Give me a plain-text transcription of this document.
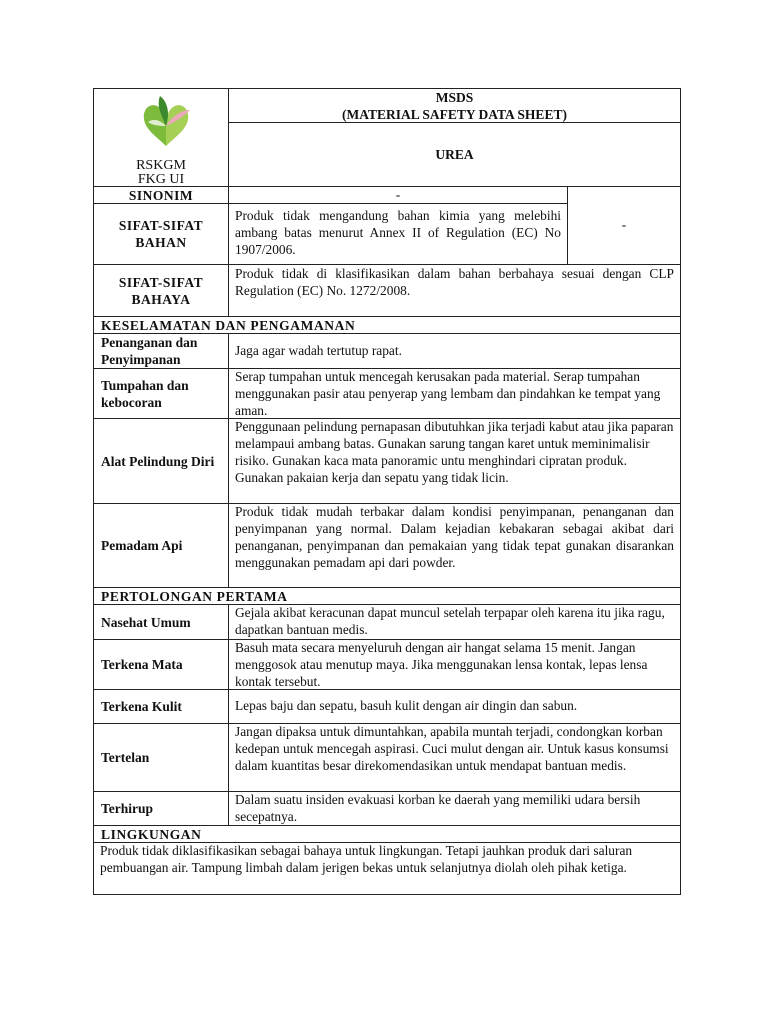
RSKGM
FKG UI
MSDS
(MATERIAL SAFETY DATA SHEET)
UREA
SINONIM	-
SIFAT-SIFAT
BAHAN
Produk tidak mengandung bahan kimia yang melebihi ambang batas menurut Annex II of Regulation (EC) No 1907/2006.
-
SIFAT-SIFAT
BAHAYA
Produk tidak di klasifikasikan dalam bahan berbahaya sesuai dengan CLP Regulation (EC) No. 1272/2008.
KESELAMATAN DAN PENGAMANAN
Penanganan dan Penyimpanan
Jaga agar wadah tertutup rapat.
Tumpahan dan kebocoran
Serap tumpahan untuk mencegah kerusakan pada material. Serap tumpahan menggunakan pasir atau penyerap yang lembam dan pindahkan ke tempat yang aman.
Alat Pelindung Diri
Penggunaan pelindung pernapasan dibutuhkan jika terjadi kabut atau jika paparan melampaui ambang batas. Gunakan sarung tangan karet untuk meminimalisir risiko. Gunakan kaca mata panoramic untu menghindari cipratan produk. Gunakan pakaian kerja dan sepatu yang tidak licin.
Pemadam Api
Produk tidak mudah terbakar dalam kondisi penyimpanan, penanganan dan penyimpanan yang normal. Dalam kejadian kebakaran sebagai akibat dari penanganan, penyimpanan dan pemakaian yang tidak tepat gunakan disarankan menggunakan pemadam api dari powder.
PERTOLONGAN PERTAMA
Nasehat Umum
Gejala akibat keracunan dapat muncul setelah terpapar oleh karena itu jika ragu, dapatkan bantuan medis.
Terkena Mata
Basuh mata secara menyeluruh dengan air hangat selama 15 menit. Jangan menggosok atau menutup maya. Jika menggunakan lensa kontak, lepas lensa kontak tersebut.
Terkena Kulit	Lepas baju dan sepatu, basuh kulit dengan air dingin dan sabun.
Tertelan
Jangan dipaksa untuk dimuntahkan, apabila muntah terjadi, condongkan korban kedepan untuk mencegah aspirasi. Cuci mulut dengan air. Untuk kasus konsumsi dalam kuantitas besar direkomendasikan untuk mendapat bantuan medis.
Terhirup
Dalam suatu insiden evakuasi korban ke daerah yang memiliki udara bersih secepatnya.
LINGKUNGAN
Produk tidak diklasifikasikan sebagai bahaya untuk lingkungan. Tetapi jauhkan produk dari saluran pembuangan air. Tampung limbah dalam jerigen bekas untuk selanjutnya diolah oleh pihak ketiga.
